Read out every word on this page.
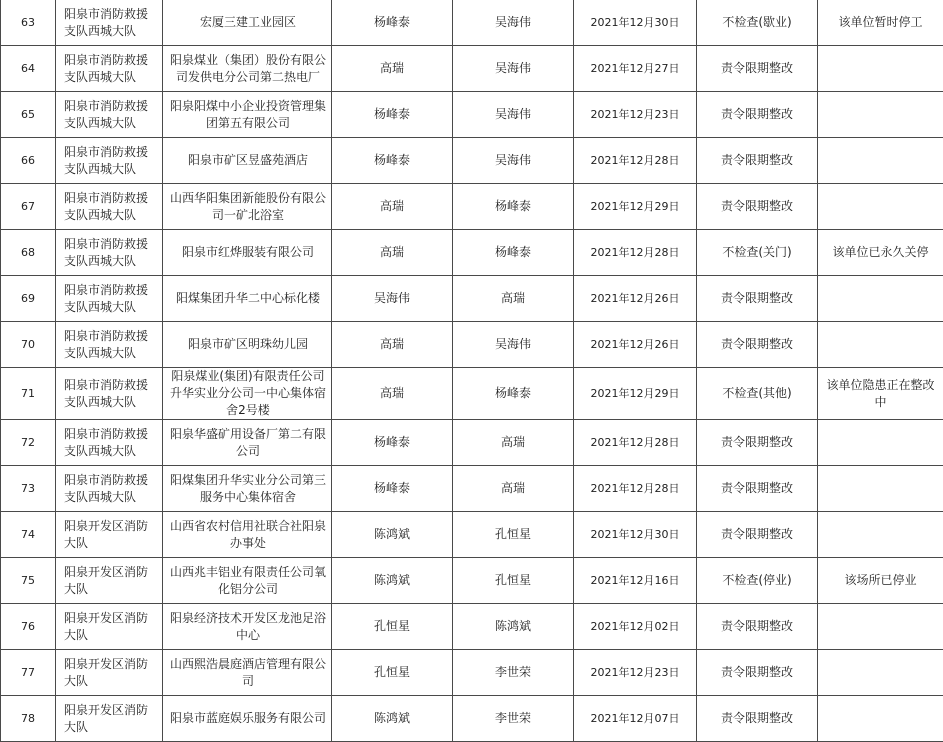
63	阳泉市消防救援支队西城大队	宏厦三建工业园区	杨峰泰	吴海伟	2021年12月30日	不检查(歇业)	该单位暂时停工
64	阳泉市消防救援支队西城大队	阳泉煤业（集团）股份有限公司发供电分公司第二热电厂	高瑞	吴海伟	2021年12月27日	责令限期整改	
65	阳泉市消防救援支队西城大队	阳泉阳煤中小企业投资管理集团第五有限公司	杨峰泰	吴海伟	2021年12月23日	责令限期整改	
66	阳泉市消防救援支队西城大队	阳泉市矿区昱盛苑酒店	杨峰泰	吴海伟	2021年12月28日	责令限期整改	
67	阳泉市消防救援支队西城大队	山西华阳集团新能股份有限公司一矿北浴室	高瑞	杨峰泰	2021年12月29日	责令限期整改	
68	阳泉市消防救援支队西城大队	阳泉市红烨服装有限公司	高瑞	杨峰泰	2021年12月28日	不检查(关门)	该单位已永久关停
69	阳泉市消防救援支队西城大队	阳煤集团升华二中心标化楼	吴海伟	高瑞	2021年12月26日	责令限期整改	
70	阳泉市消防救援支队西城大队	阳泉市矿区明珠幼儿园	高瑞	吴海伟	2021年12月26日	责令限期整改	
71	阳泉市消防救援支队西城大队	阳泉煤业(集团)有限责任公司升华实业分公司一中心集体宿舍2号楼	高瑞	杨峰泰	2021年12月29日	不检查(其他)	该单位隐患正在整改中
72	阳泉市消防救援支队西城大队	阳泉华盛矿用设备厂第二有限公司	杨峰泰	高瑞	2021年12月28日	责令限期整改	
73	阳泉市消防救援支队西城大队	阳煤集团升华实业分公司第三服务中心集体宿舍	杨峰泰	高瑞	2021年12月28日	责令限期整改	
74	阳泉开发区消防大队	山西省农村信用社联合社阳泉办事处	陈鸿斌	孔恒星	2021年12月30日	责令限期整改	
75	阳泉开发区消防大队	山西兆丰铝业有限责任公司氧化铝分公司	陈鸿斌	孔恒星	2021年12月16日	不检查(停业)	该场所已停业
76	阳泉开发区消防大队	阳泉经济技术开发区龙池足浴中心	孔恒星	陈鸿斌	2021年12月02日	责令限期整改	
77	阳泉开发区消防大队	山西熙浩晨庭酒店管理有限公司	孔恒星	李世荣	2021年12月23日	责令限期整改	
78	阳泉开发区消防大队	阳泉市蓝庭娱乐服务有限公司	陈鸿斌	李世荣	2021年12月07日	责令限期整改	
